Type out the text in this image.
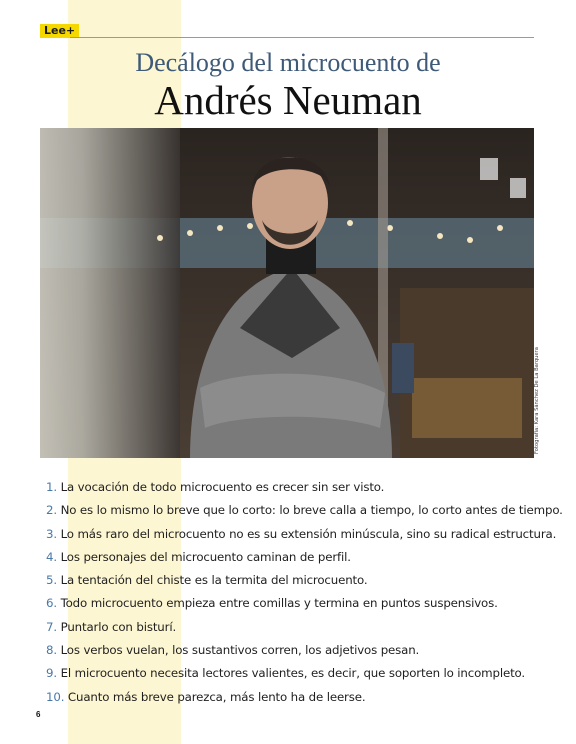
Lee+
Decálogo del microcuento de
Andrés Neuman
Fotografía: Kara Sánchez De La Barquera
1. La vocación de todo microcuento es crecer sin ser visto.
2. No es lo mismo lo breve que lo corto: lo breve calla a tiempo, lo corto antes de tiempo.
3. Lo más raro del microcuento no es su extensión minúscula, sino su radical estructura.
4. Los personajes del microcuento caminan de perfil.
5. La tentación del chiste es la termita del microcuento.
6. Todo microcuento empieza entre comillas y termina en puntos suspensivos.
7. Puntarlo con bisturí.
8. Los verbos vuelan, los sustantivos corren, los adjetivos pesan.
9. El microcuento necesita lectores valientes, es decir, que soporten lo incompleto.
10. Cuanto más breve parezca, más lento ha de leerse.
6
